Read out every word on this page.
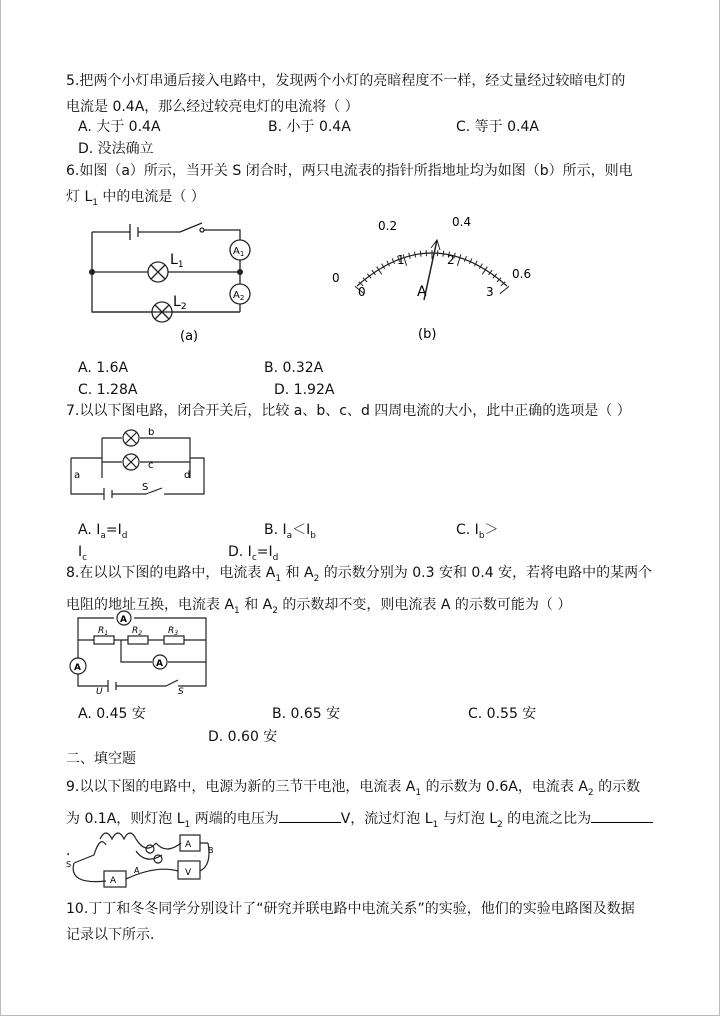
5.把两个小灯串通后接入电路中，发现两个小灯的亮暗程度不一样，经丈量经过较暗电灯的
电流是 0.4A，那么经过较亮电灯的电流将（ ）
A. 大于 0.4A	B. 小于 0.4A	C. 等于 0.4A
D. 没法确立
6.如图（a）所示，当开关 S 闭合时，两只电流表的指针所指地址均为如图（b）所示，则电
灯 $L_1$ 中的电流是（ ）
$L_1$
$L_2$
$A_1$
$A_2$
(a)
0
0.2	0.4
0.6
0
1	2
3
A
(b)
A. 1.6A	B. 0.32A
C. 1.28A	D. 1.92A
7.以以下图电路，闭合开关后，比较 a、b、c、d 四周电流的大小，此中正确的选项是（ ）
a
b
c
d
S
A. $I_a=I_d$	B. $I_a<I_b$	C. $I_b>$
$I_c$	D. $I_c=I_d$
8.在以以下图的电路中，电流表 $A_1$ 和 $A_2$ 的示数分别为 0.3 安和 0.4 安，若将电路中的某两个
电阻的地址互换，电流表 $A_1$ 和 $A_2$ 的示数却不变，则电流表 A 的示数可能为（ ）
A
A	A
$R_1$	$R_2$	$R_3$
U	S
A. 0.45 安	B. 0.65 安	C. 0.55 安
D. 0.60 安
二、填空题
9.以以下图的电路中，电源为新的三节干电池，电流表 $A_1$ 的示数为 0.6A，电流表 $A_2$ 的示数
为 0.1A，则灯泡 $L_1$ 两端的电压为	V，流过灯泡 $L_1$ 与灯泡 $L_2$ 的电流之比为．
S
A
B
V
A
A
10.丁丁和冬冬同学分别设计了“研究并联电路中电流关系”的实验，他们的实验电路图及数据
记录以下所示．
